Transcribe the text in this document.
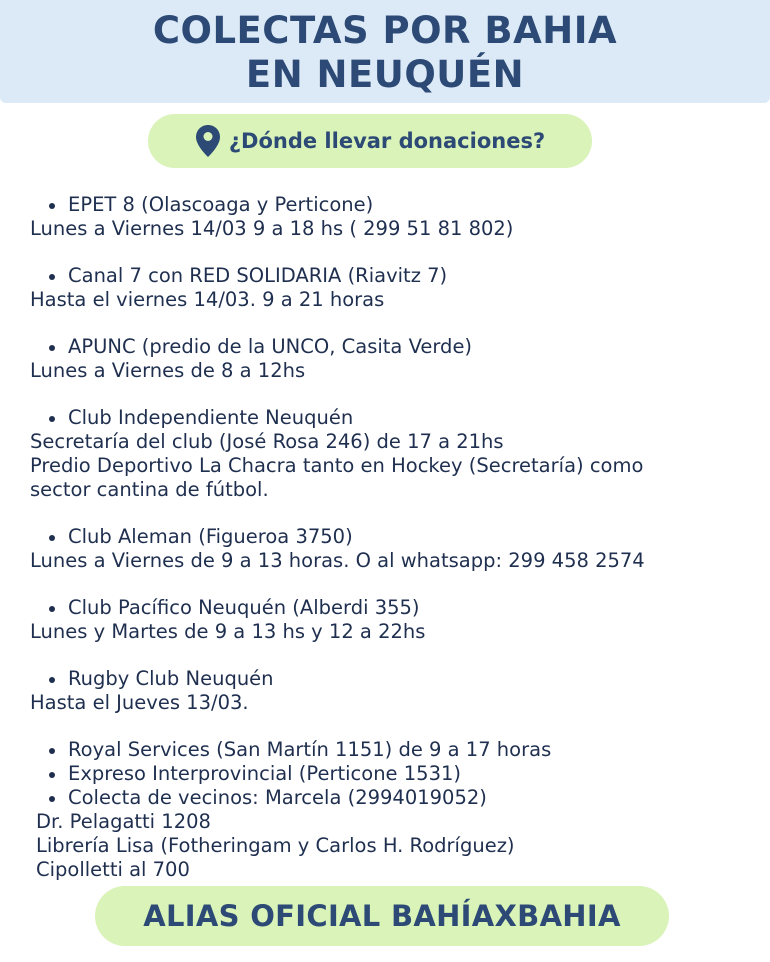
COLECTAS POR BAHIA
EN NEUQUÉN
¿Dónde llevar donaciones?
EPET 8 (Olascoaga y Perticone)
Lunes a Viernes 14/03 9 a 18 hs ( 299 51 81 802)
Canal 7 con RED SOLIDARIA (Riavitz 7)
Hasta el viernes 14/03. 9 a 21 horas
APUNC (predio de la UNCO, Casita Verde)
Lunes a Viernes de 8 a 12hs
Club Independiente Neuquén
Secretaría del club (José Rosa 246) de 17 a 21hs
Predio Deportivo La Chacra tanto en Hockey (Secretaría) como
sector cantina de fútbol.
Club Aleman (Figueroa 3750)
Lunes a Viernes de 9 a 13 horas. O al whatsapp: 299 458 2574
Club Pacífico Neuquén (Alberdi 355)
Lunes y Martes de 9 a 13 hs y 12 a 22hs
Rugby Club Neuquén
Hasta el Jueves 13/03.
Royal Services (San Martín 1151) de 9 a 17 horas
Expreso Interprovincial (Perticone 1531)
Colecta de vecinos: Marcela (2994019052)
Dr. Pelagatti 1208
Librería Lisa (Fotheringam y Carlos H. Rodríguez)
Cipolletti al 700
ALIAS OFICIAL BAHÍAXBAHIA
